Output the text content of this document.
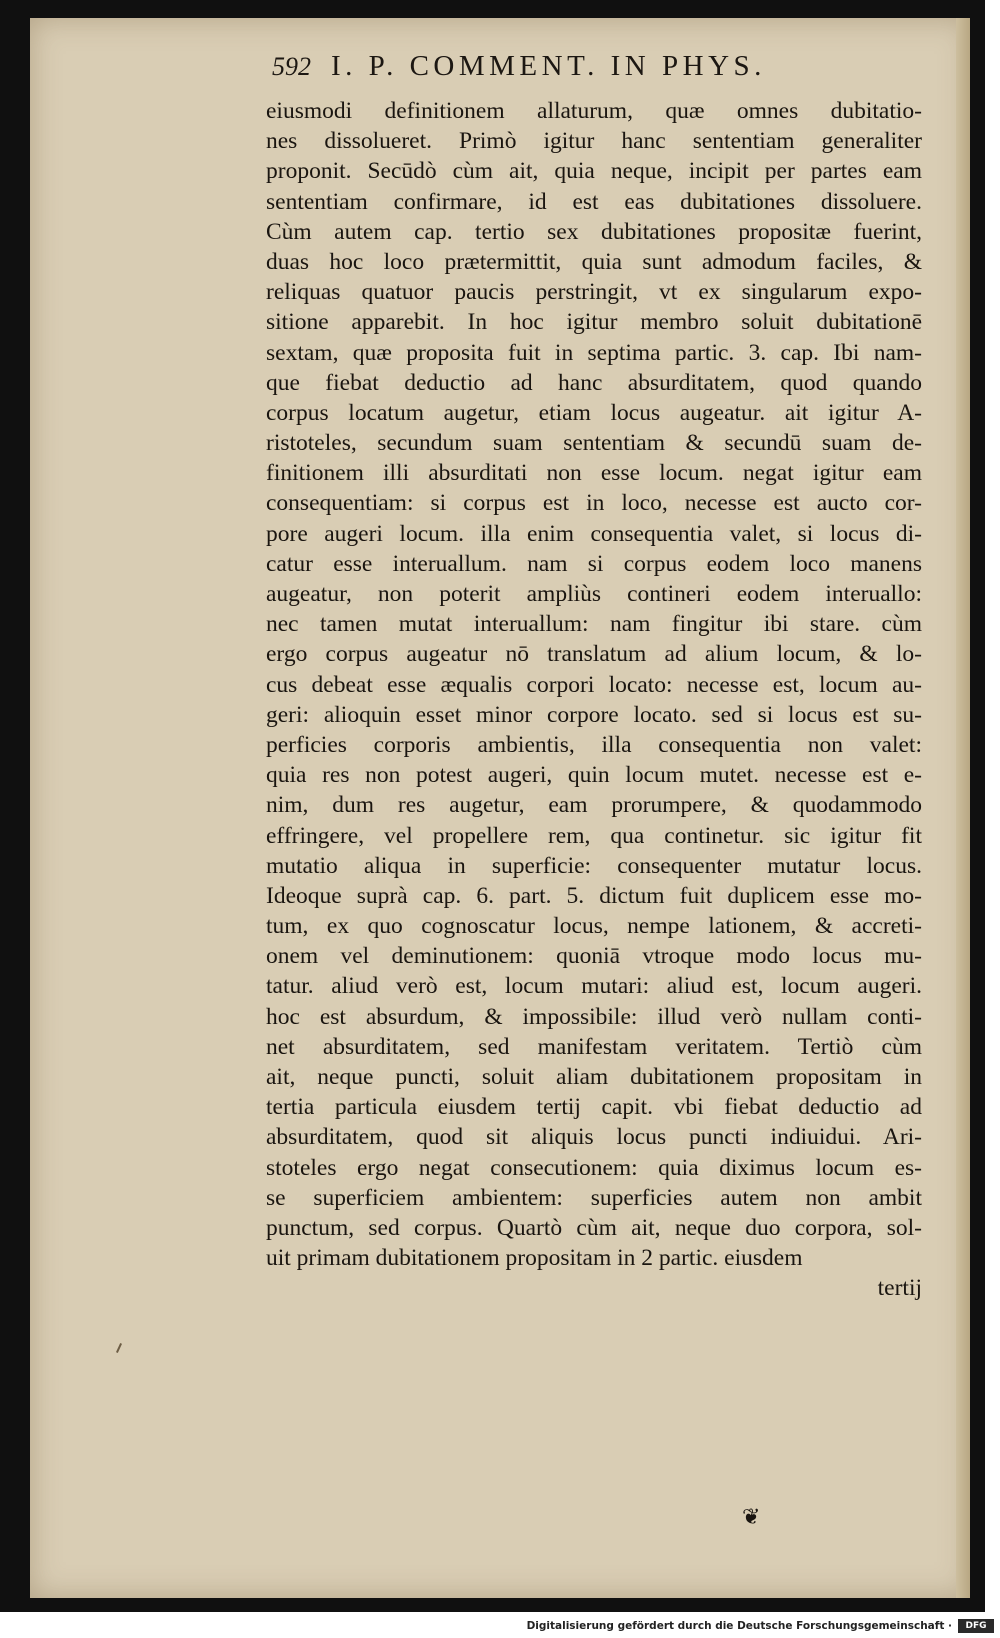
592 I. P. COMMENT. IN PHYS.
eiusmodi definitionem allaturum, quæ omnes dubitatio-
nes dissolueret. Primò igitur hanc sententiam generaliter
proponit. Secūdò cùm ait, quia neque, incipit per partes eam
sententiam confirmare, id est eas dubitationes dissoluere.
Cùm autem cap. tertio sex dubitationes propositæ fuerint,
duas hoc loco prætermittit, quia sunt admodum faciles, &
reliquas quatuor paucis perstringit, vt ex singularum expo-
sitione apparebit. In hoc igitur membro soluit dubitationē
sextam, quæ proposita fuit in septima partic. 3. cap. Ibi nam-
que fiebat deductio ad hanc absurditatem, quod quando
corpus locatum augetur, etiam locus augeatur. ait igitur A-
ristoteles, secundum suam sententiam & secundū suam de-
finitionem illi absurditati non esse locum. negat igitur eam
consequentiam: si corpus est in loco, necesse est aucto cor-
pore augeri locum. illa enim consequentia valet, si locus di-
catur esse interuallum. nam si corpus eodem loco manens
augeatur, non poterit ampliùs contineri eodem interuallo:
nec tamen mutat interuallum: nam fingitur ibi stare. cùm
ergo corpus augeatur nō translatum ad alium locum, & lo-
cus debeat esse æqualis corpori locato: necesse est, locum au-
geri: alioquin esset minor corpore locato. sed si locus est su-
perficies corporis ambientis, illa consequentia non valet:
quia res non potest augeri, quin locum mutet. necesse est e-
nim, dum res augetur, eam prorumpere, & quodammodo
effringere, vel propellere rem, qua continetur. sic igitur fit
mutatio aliqua in superficie: consequenter mutatur locus.
Ideoque suprà cap. 6. part. 5. dictum fuit duplicem esse mo-
tum, ex quo cognoscatur locus, nempe lationem, & accreti-
onem vel deminutionem: quoniā vtroque modo locus mu-
tatur. aliud verò est, locum mutari: aliud est, locum augeri.
hoc est absurdum, & impossibile: illud verò nullam conti-
net absurditatem, sed manifestam veritatem. Tertiò cùm
ait, neque puncti, soluit aliam dubitationem propositam in
tertia particula eiusdem tertij capit. vbi fiebat deductio ad
absurditatem, quod sit aliquis locus puncti indiuidui. Ari-
stoteles ergo negat consecutionem: quia diximus locum es-
se superficiem ambientem: superficies autem non ambit
punctum, sed corpus. Quartò cùm ait, neque duo corpora, sol-
uit primam dubitationem propositam in 2 partic. eiusdem
tertij
❦
Digitalisierung gefördert durch die Deutsche Forschungsgemeinschaft ·	DFG
